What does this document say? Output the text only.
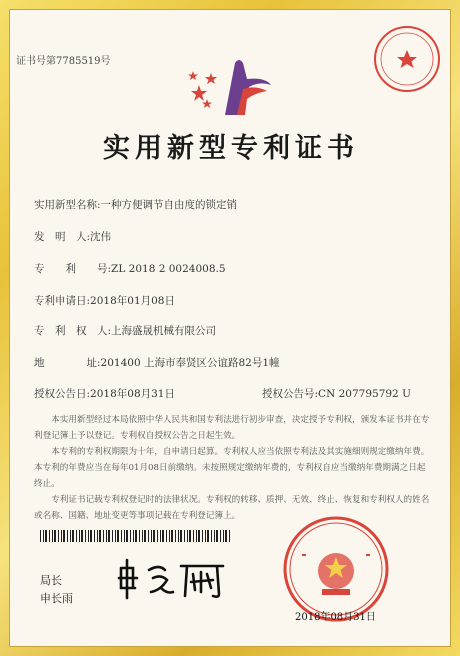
证书号第7785519号
实用新型专利证书
实用新型名称:一种方便调节自由度的锁定销
发　明　人:沈伟
专　　利　　号:ZL 2018 2 0024008.5
专利申请日:2018年01月08日
专　利　权　人:上海盛晟机械有限公司
地　　　　址:201400 上海市奉贤区公谊路82号1幢
授权公告日:2018年08月31日	授权公告号:CN 207795792 U

本实用新型经过本局依照中华人民共和国专利法进行初步审查，决定授予专利权，颁发本证书并在专利登记簿上予以登记。专利权自授权公告之日起生效。

本专利的专利权期限为十年，自申请日起算。专利权人应当依照专利法及其实施细则规定缴纳年费。本专利的年费应当在每年01月08日前缴纳。未按照规定缴纳年费的，专利权自应当缴纳年费期满之日起终止。

专利证书记载专利权登记时的法律状况。专利权的转移、质押、无效、终止、恢复和专利权人的姓名或名称、国籍、地址变更等事项记载在专利登记簿上。

局长
申长雨
2018年08月31日
